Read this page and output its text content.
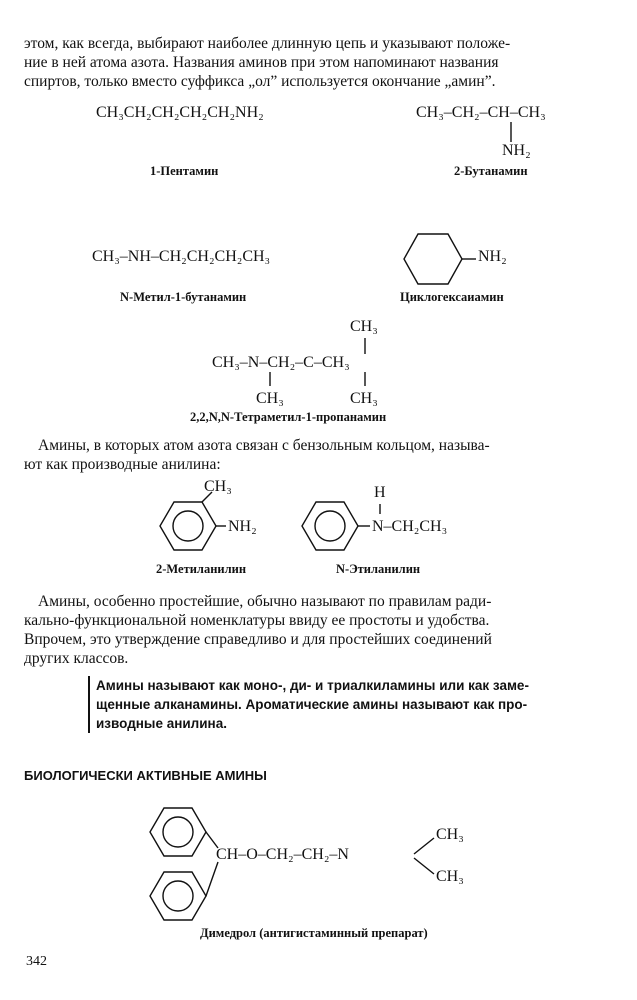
этом, как всегда, выбирают наиболее длинную цепь и указывают положе-
ние в ней атома азота. Названия аминов при этом напоминают названия
спиртов, только вместо суффикса „ол” используется окончание „амин”.
CH₃CH₂CH₂CH₂CH₂NH₂
1-Пентамин
CH₃–CH₂–CH–CH₃
NH₂
2-Бутанамин
CH₃–NH–CH₂CH₂CH₂CH₃
N-Метил-1-бутанамин
NH₂
Циклогексаиамин
CH₃
CH₃–N–CH₂–C–CH₃
CH₃	CH₃
2,2,N,N-Тетраметил-1-пропанамин
Амины, в которых атом азота связан с бензольным кольцом, называ-
ют как производные анилина:
CH₃
NH₂
2-Метиланилин
H
N–CH₂CH₃
N-Этиланилин
Амины, особенно простейшие, обычно называют по правилам ради-
кально-функциональной номенклатуры ввиду ее простоты и удобства.
Впрочем, это утверждение справедливо и для простейших соединений
других классов.
Амины называют как моно-, ди- и триалкиламины или как заме-
щенные алканамины. Ароматические амины называют как про-
изводные анилина.
БИОЛОГИЧЕСКИ АКТИВНЫЕ АМИНЫ
CH–O–CH₂–CH₂–N
CH₃
CH₃
Димедрол (антигистаминный препарат)
342
